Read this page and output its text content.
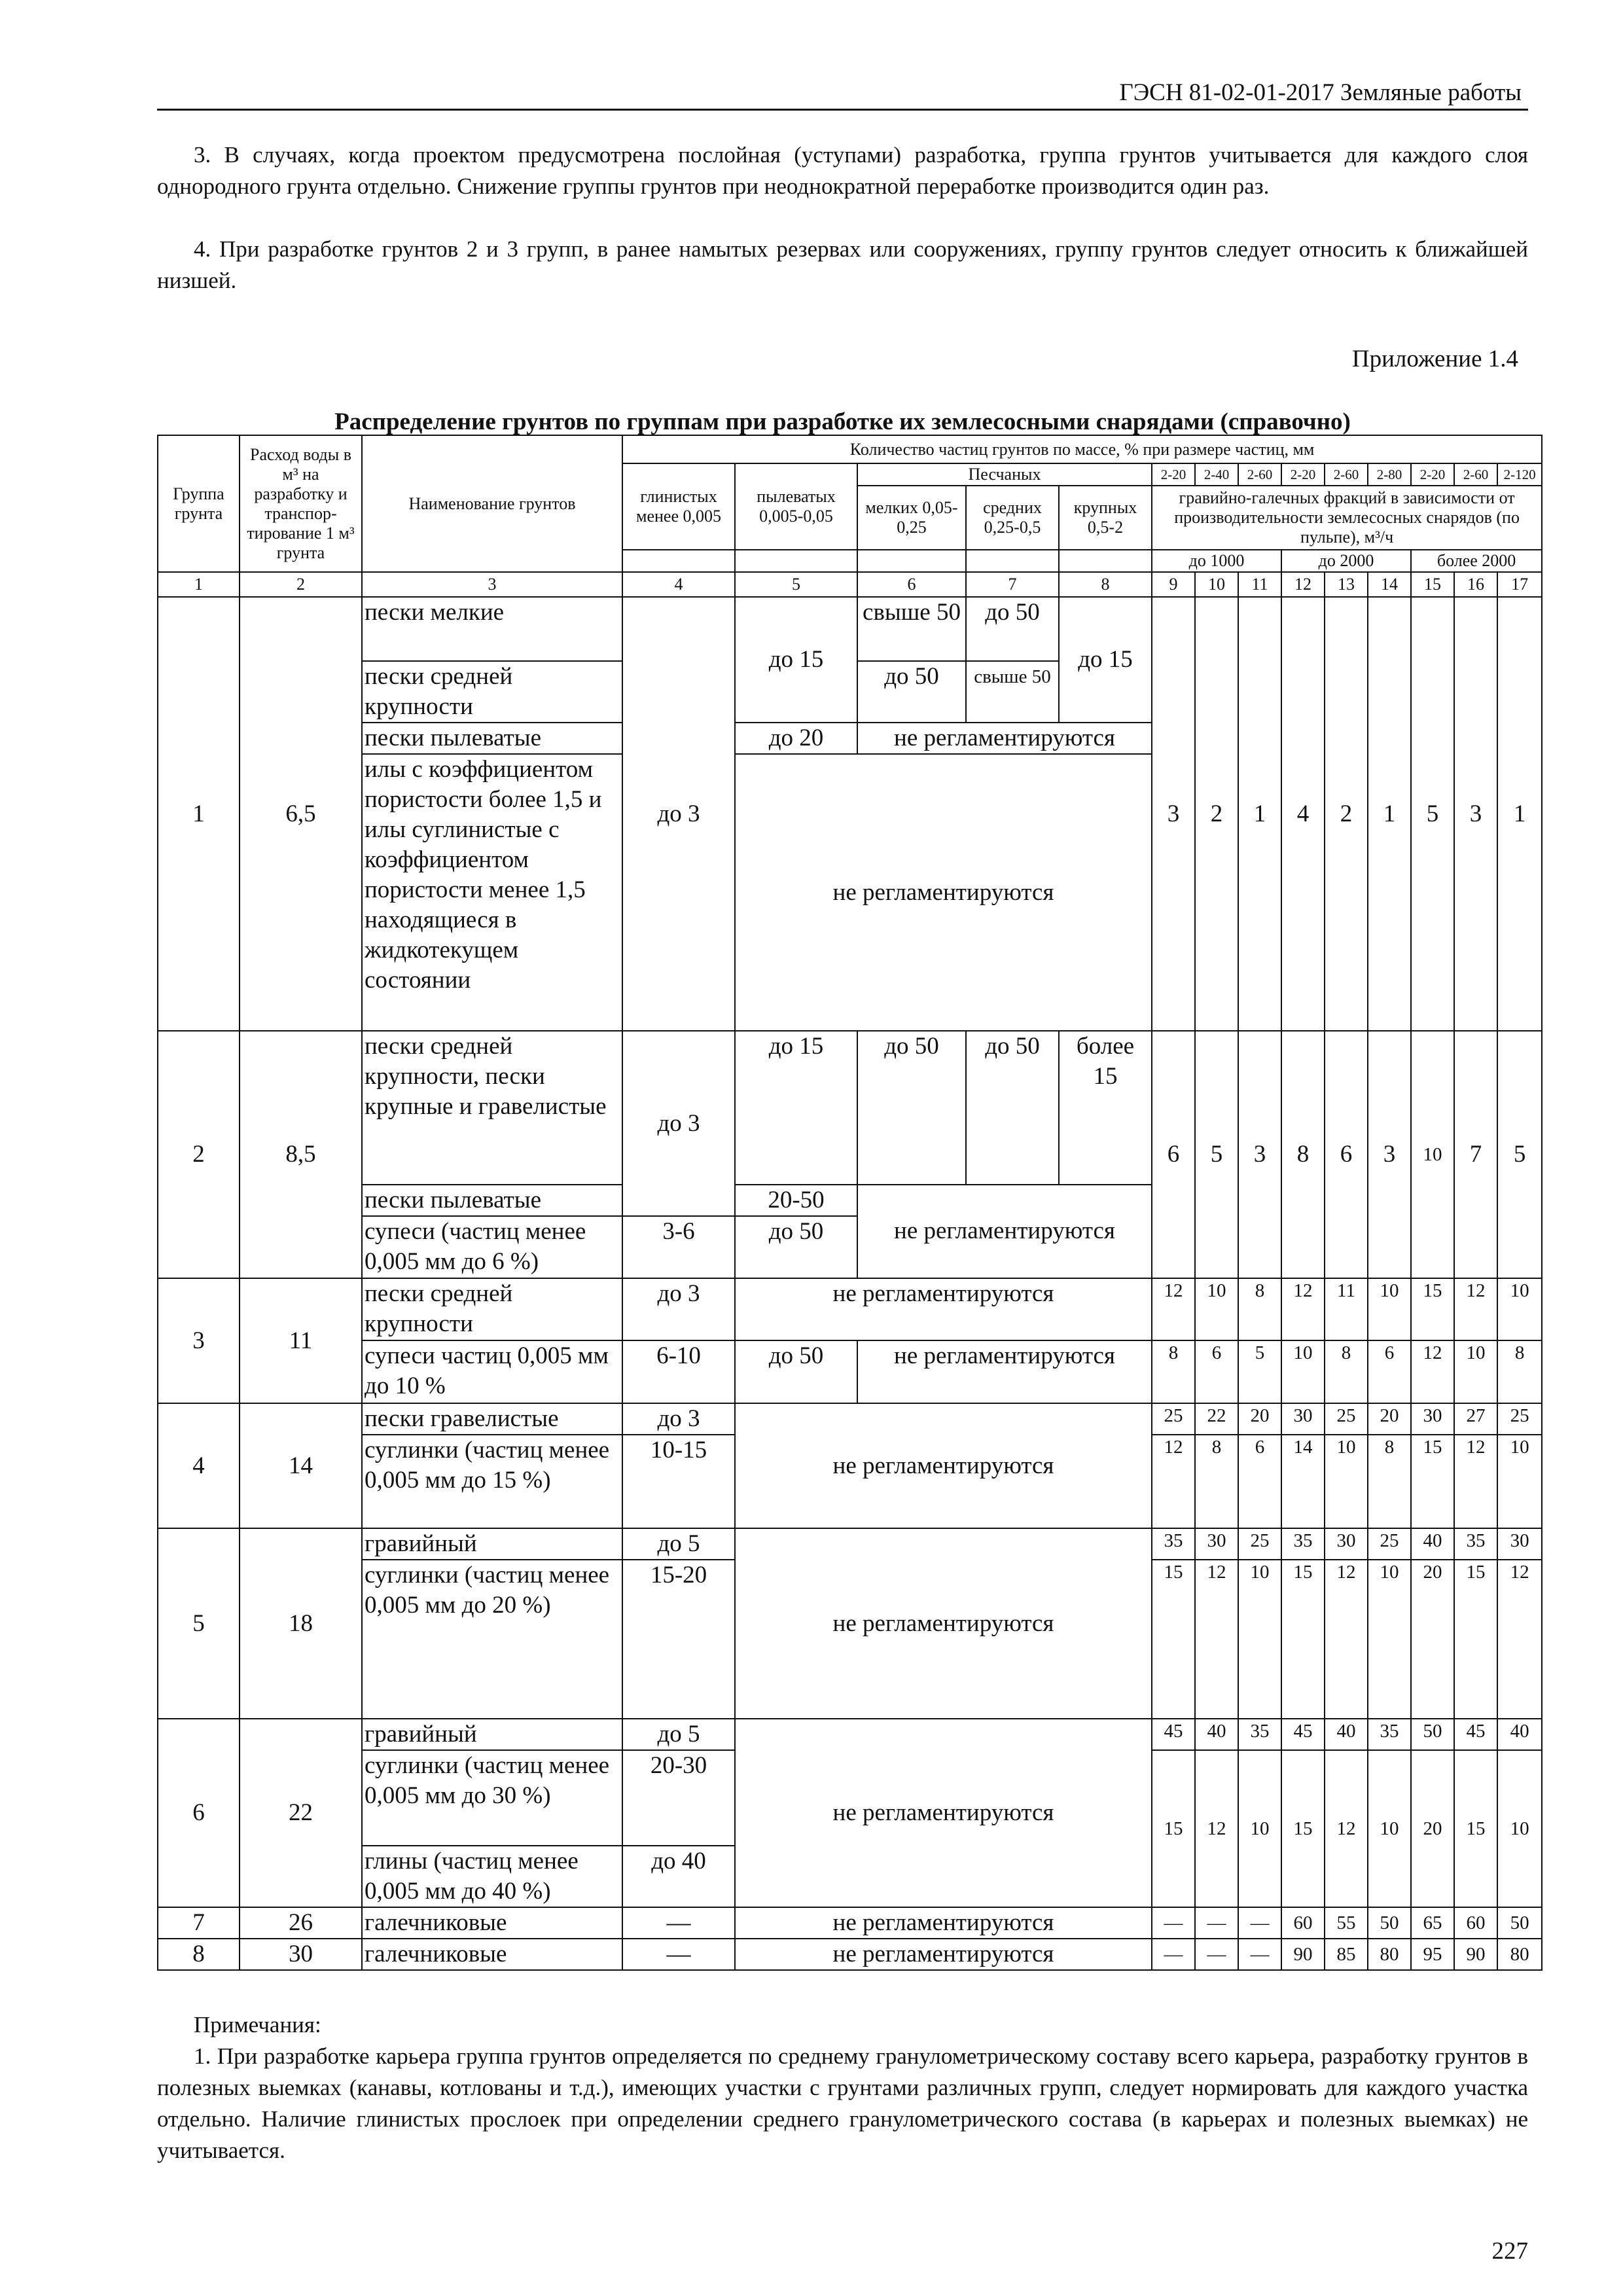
ГЭСН 81-02-01-2017 Земляные работы

3. В случаях, когда проектом предусмотрена послойная (уступами) разработка, группа грунтов учитывается для каждого слоя однородного грунта отдельно. Снижение группы грунтов при неоднократной переработке производится один раз.

4. При разработке грунтов 2 и 3 групп, в ранее намытых резервах или сооружениях, группу грунтов следует относить к ближайшей низшей.

Приложение 1.4
Распределение грунтов по группам при разработке их землесосными снарядами (справочно)
Группа грунта	Расход воды в м³ на разработку и транспор-тирование 1 м³ грунта	Наименование грунтов	Количество частиц грунтов по массе, % при размере частиц, мм													
			глинистых менее 0,005	пылеватых 0,005-0,05	Песчаных			2-20	2-40	2-60	2-20	2-60	2-80	2-20	2-60	2-120
					мелких 0,05-0,25	средних 0,25-0,5	крупных 0,5-2	гравийно-галечных фракций в зависимости от производительности землесосных снарядов (по пульпе), м³/ч								

								до 1000			до 2000			более 2000		
1	2	3	4	5	6	7	8	9	10	11	12	13	14	15	16	17
1	6,5	пески мелкие	до 3	до 15	свыше 50	до 50	до 15	3	2	1	4	2	1	5	3	1
		пески средней крупности			до 50	свыше 50										
		пески пылеватые		до 20	не регламентируются											
		илы с коэффициентом пористости более 1,5 и илы суглинистые с коэффициентом пористости менее 1,5 находящиеся в жидкотекущем состоянии		не регламентируются												
2	8,5	пески средней крупности, пески крупные и гравелистые	до 3	до 15	до 50	до 50	более 15	6	5	3	8	6	3	10	7	5
		пески пылеватые		20-50												
		супеси (частиц менее 0,005 мм до 6 %)	3-6	до 50	не регламентируются											
3	11	пески средней крупности	до 3	не регламентируются				12	10	8	12	11	10	15	12	10
		супеси частиц 0,005 мм до 10 %	6-10	до 50	не регламентируются			8	6	5	10	8	6	12	10	8
4	14	пески гравелистые	до 3	не регламентируются				25	22	20	30	25	20	30	27	25
		суглинки (частиц менее 0,005 мм до 15 %)	10-15					12	8	6	14	10	8	15	12	10
5	18	гравийный	до 5	не регламентируются				35	30	25	35	30	25	40	35	30
		суглинки (частиц менее 0,005 мм до 20 %)	15-20					15	12	10	15	12	10	20	15	12
6	22	гравийный	до 5	не регламентируются				45	40	35	45	40	35	50	45	40
		суглинки (частиц менее 0,005 мм до 30 %)	20-30					15	12	10	15	12	10	20	15	10
		глины (частиц менее 0,005 мм до 40 %)	до 40													
7	26	галечниковые	—	не регламентируются				—	—	—	60	55	50	65	60	50
8	30	галечниковые	—	не регламентируются				—	—	—	90	85	80	95	90	80
Примечания:

1. При разработке карьера группа грунтов определяется по среднему гранулометрическому составу всего карьера, разработку грунтов в полезных выемках (канавы, котлованы и т.д.), имеющих участки с грунтами различных групп, следует нормировать для каждого участка отдельно. Наличие глинистых прослоек при определении среднего гранулометрического состава (в карьерах и полезных выемках) не учитывается.

227
